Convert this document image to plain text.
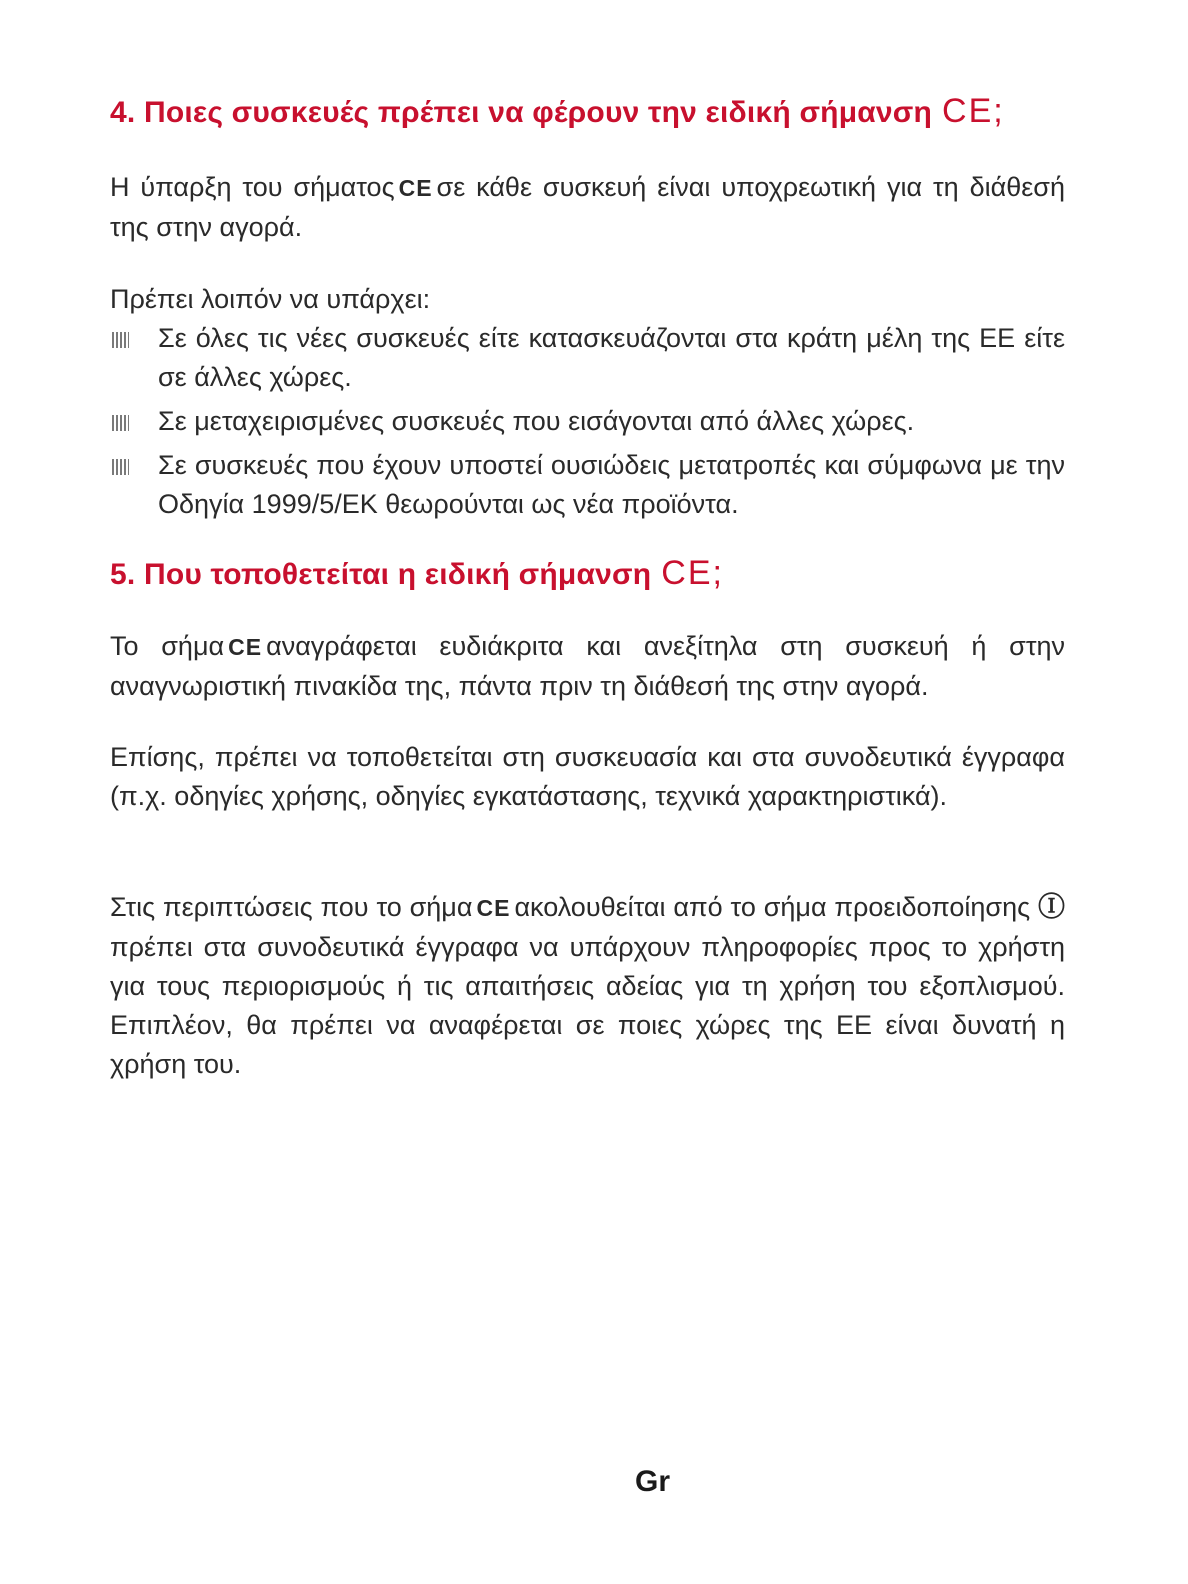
4. Ποιες συσκευές πρέπει να φέρουν την ειδική σήμανση CE;

Η ύπαρξη του σήματος CE σε κάθε συσκευή είναι υποχρεωτική για τη διάθεσή της στην αγορά.

Πρέπει λοιπόν να υπάρχει:

Σε όλες τις νέες συσκευές είτε κατασκευάζονται στα κράτη μέλη της ΕΕ είτε σε άλλες χώρες.
Σε μεταχειρισμένες συσκευές που εισάγονται από άλλες χώρες.
Σε συσκευές που έχουν υποστεί ουσιώδεις μετατροπές και σύμφωνα με την Οδηγία 1999/5/ΕΚ θεωρούνται ως νέα προϊόντα.
5. Που τοποθετείται η ειδική σήμανση CE;

Το σήμα CE αναγράφεται ευδιάκριτα και ανεξίτηλα στη συσκευή ή στην αναγνωριστική πινακίδα της, πάντα πριν τη διάθεσή της στην αγορά.

Επίσης, πρέπει να τοποθετείται στη συσκευασία και στα συνοδευτικά έγγραφα (π.χ. οδηγίες χρήσης, οδηγίες εγκατάστασης, τεχνικά χαρακτηριστικά).

Στις περιπτώσεις που το σήμα CE ακολουθείται από το σήμα προειδοποίησης Ⓘ πρέπει στα συνοδευτικά έγγραφα να υπάρχουν πληροφορίες προς το χρήστη για τους περιορισμούς ή τις απαιτήσεις αδείας για τη χρήση του εξοπλισμού. Επιπλέον, θα πρέπει να αναφέρεται σε ποιες χώρες της ΕΕ είναι δυνατή η χρήση του.

Gr
